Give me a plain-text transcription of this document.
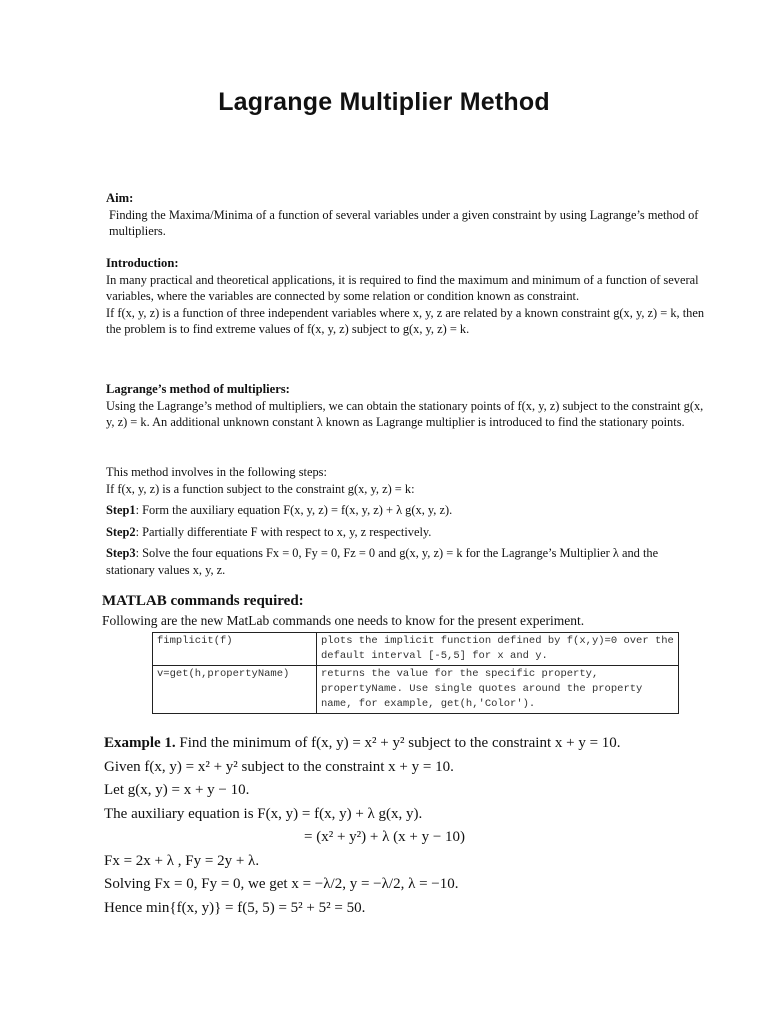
Lagrange Multiplier Method

Aim:

Finding the Maxima/Minima of a function of several variables under a given constraint by using Lagrange’s method of multipliers.

Introduction:

In many practical and theoretical applications, it is required to find the maximum and minimum of a function of several variables, where the variables are connected by some relation or condition known as constraint.

If f(x, y, z) is a function of three independent variables where x, y, z are related by a known constraint g(x, y, z) = k, then the problem is to find extreme values of f(x, y, z) subject to g(x, y, z) = k.

Lagrange’s method of multipliers:

Using the Lagrange’s method of multipliers, we can obtain the stationary points of f(x, y, z) subject to the constraint g(x, y, z) = k. An additional unknown constant λ known as Lagrange multiplier is introduced to find the stationary points.

This method involves in the following steps:

If f(x, y, z) is a function subject to the constraint g(x, y, z) = k:

Step1: Form the auxiliary equation F(x, y, z) = f(x, y, z) + λ g(x, y, z).

Step2: Partially differentiate F with respect to x, y, z respectively.

Step3: Solve the four equations Fx = 0, Fy = 0, Fz = 0 and g(x, y, z) = k for the Lagrange’s Multiplier λ and the stationary values x, y, z.

MATLAB commands required:

Following are the new MatLab commands one needs to know for the present experiment.

fimplicit(f)	plots the implicit function defined by f(x,y)=0 over the default interval [-5,5] for x and y.
v=get(h,propertyName)	returns the value for the specific property, propertyName. Use single quotes around the property name, for example, get(h,'Color').

Example 1. Find the minimum of f(x, y) = x² + y² subject to the constraint x + y = 10.

Given f(x, y) = x² + y² subject to the constraint x + y = 10.

Let g(x, y) = x + y − 10.

The auxiliary equation is F(x, y) = f(x, y) + λ g(x, y).

= (x² + y²) + λ (x + y − 10)

Fx = 2x + λ , Fy = 2y + λ.

Solving Fx = 0, Fy = 0, we get x = −λ/2, y = −λ/2, λ = −10.

Hence min{f(x, y)} = f(5, 5) = 5² + 5² = 50.
